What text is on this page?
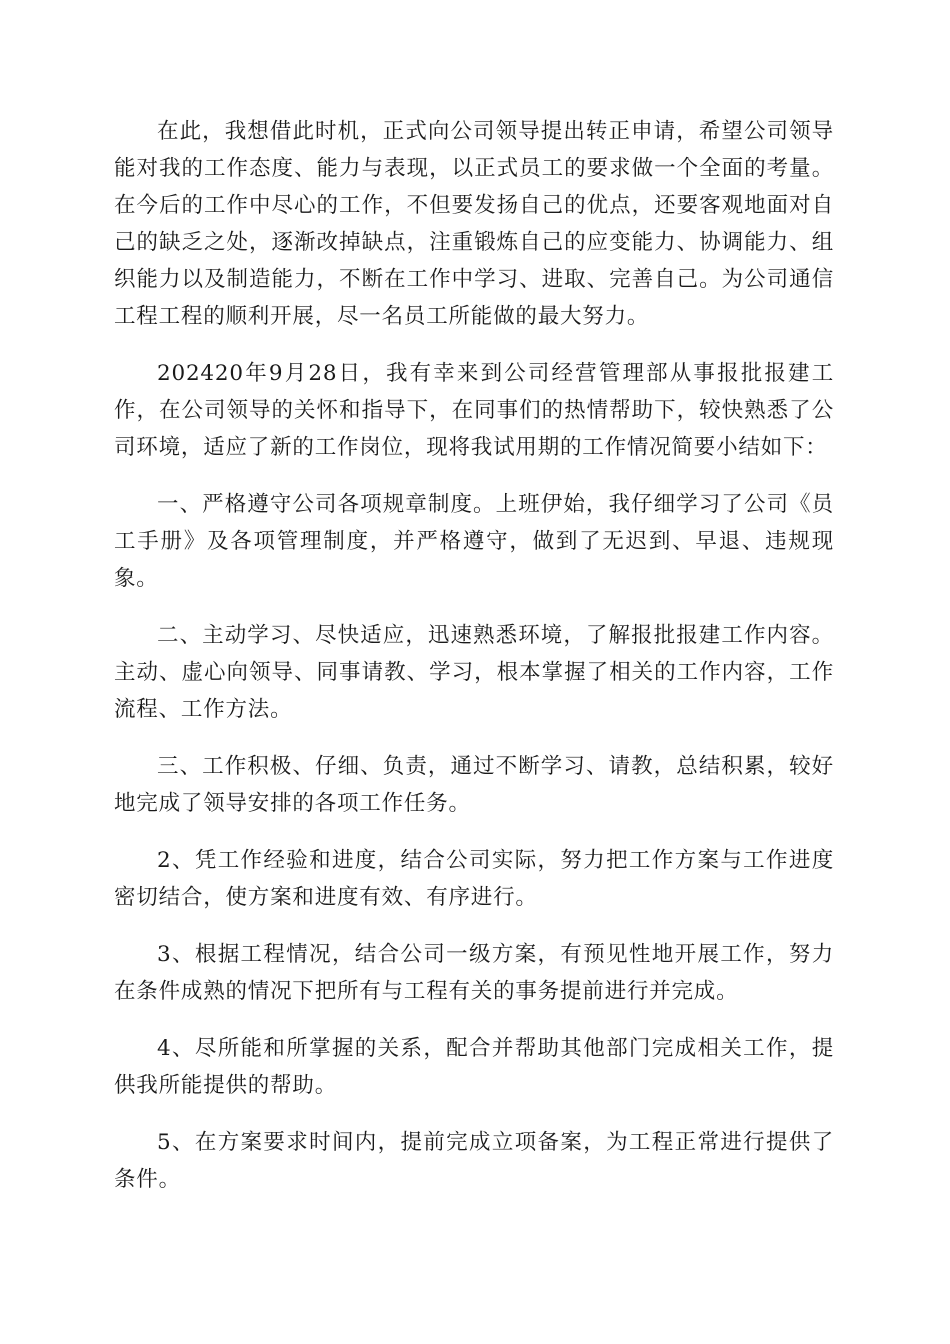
在此，我想借此时机，正式向公司领导提出转正申请，希望公司领导能对我的工作态度、能力与表现，以正式员工的要求做一个全面的考量。在今后的工作中尽心的工作，不但要发扬自己的优点，还要客观地面对自己的缺乏之处，逐渐改掉缺点，注重锻炼自己的应变能力、协调能力、组织能力以及制造能力，不断在工作中学习、进取、完善自己。为公司通信工程工程的顺利开展，尽一名员工所能做的最大努力。

202420年9月28日，我有幸来到公司经营管理部从事报批报建工作，在公司领导的关怀和指导下，在同事们的热情帮助下，较快熟悉了公司环境，适应了新的工作岗位，现将我试用期的工作情况简要小结如下：

一、严格遵守公司各项规章制度。上班伊始，我仔细学习了公司《员工手册》及各项管理制度，并严格遵守，做到了无迟到、早退、违规现象。

二、主动学习、尽快适应，迅速熟悉环境，了解报批报建工作内容。主动、虚心向领导、同事请教、学习，根本掌握了相关的工作内容，工作流程、工作方法。

三、工作积极、仔细、负责，通过不断学习、请教，总结积累，较好地完成了领导安排的各项工作任务。

2、凭工作经验和进度，结合公司实际，努力把工作方案与工作进度密切结合，使方案和进度有效、有序进行。

3、根据工程情况，结合公司一级方案，有预见性地开展工作，努力在条件成熟的情况下把所有与工程有关的事务提前进行并完成。

4、尽所能和所掌握的关系，配合并帮助其他部门完成相关工作，提供我所能提供的帮助。

5、在方案要求时间内，提前完成立项备案，为工程正常进行提供了条件。
